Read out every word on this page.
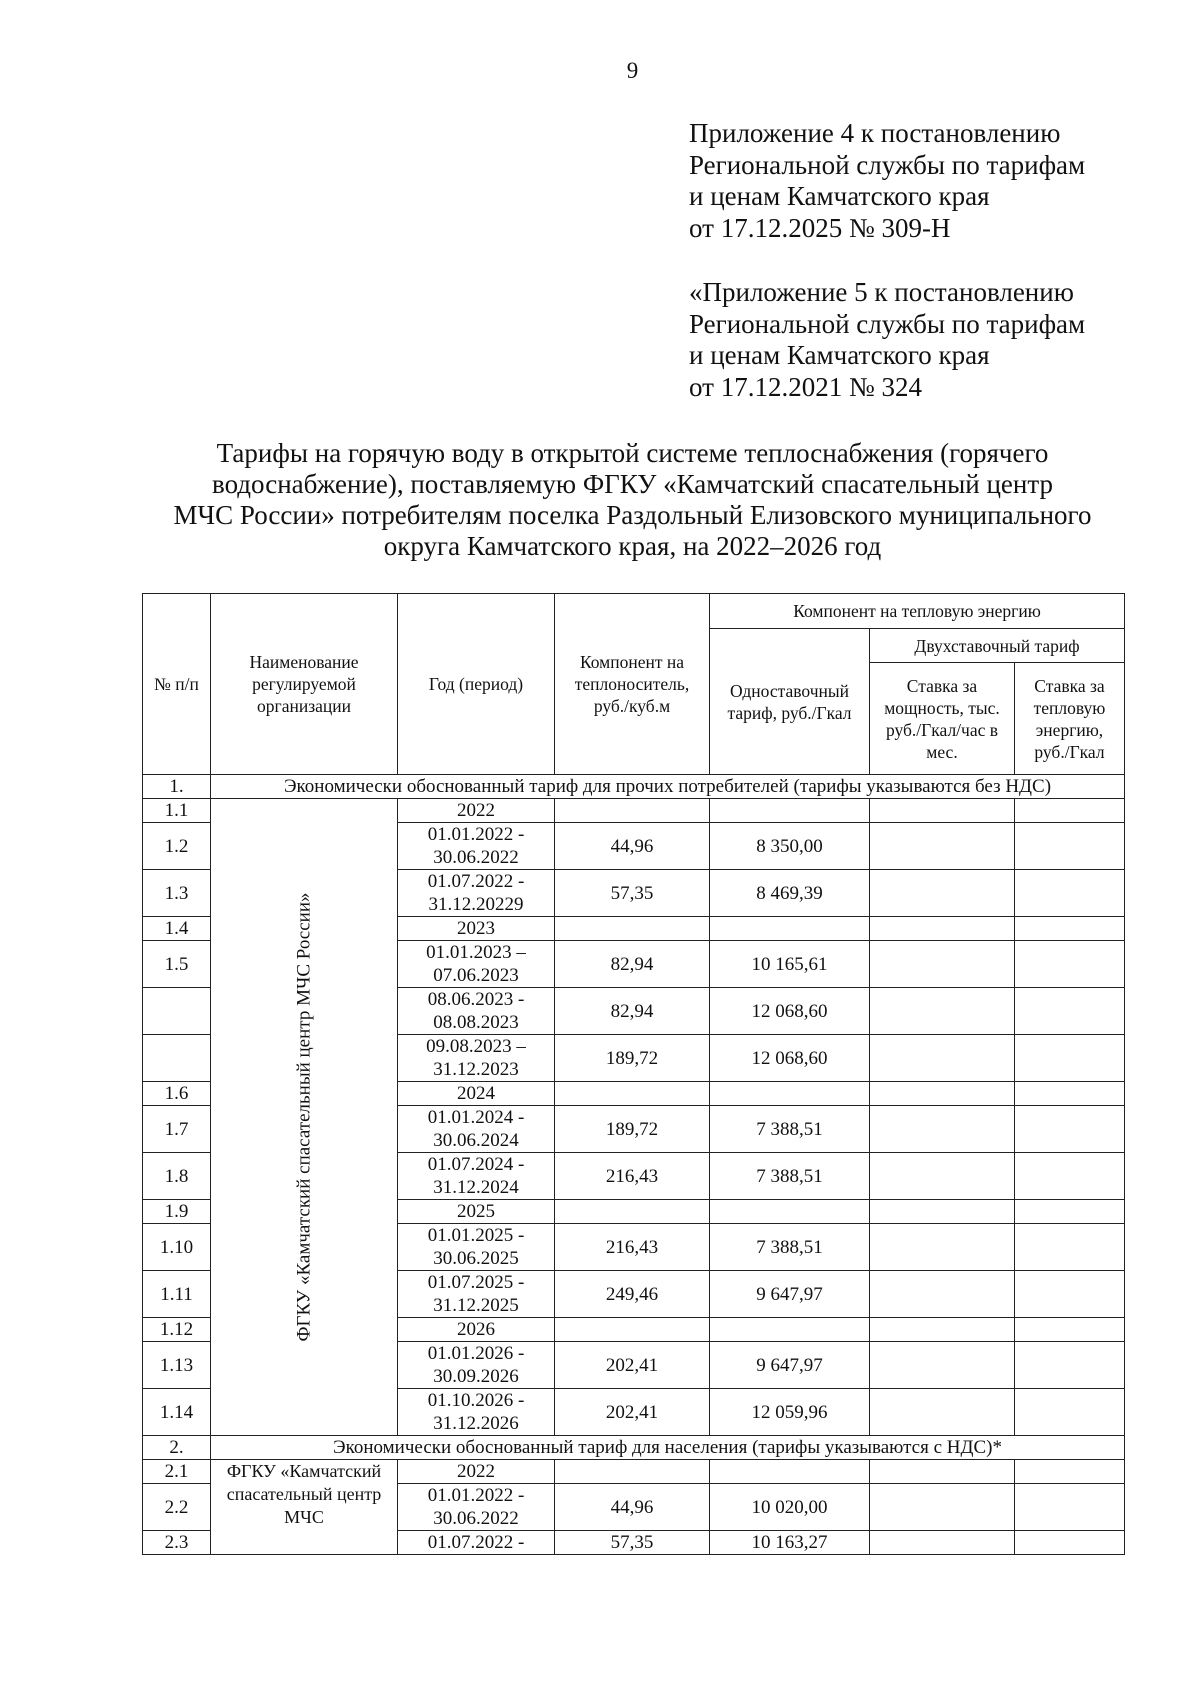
9
Приложение 4 к постановлению
Региональной службы по тарифам
и ценам Камчатского края
от 17.12.2025 № 309-Н
«Приложение 5 к постановлению
Региональной службы по тарифам
и ценам Камчатского края
от 17.12.2021 № 324
Тарифы на горячую воду в открытой системе теплоснабжения (горячего
водоснабжение), поставляемую ФГКУ «Камчатский спасательный центр
МЧС России» потребителям поселка Раздольный Елизовского муниципального
округа Камчатского края, на 2022–2026 год
№ п/п	Наименование регулируемой организации	Год (период)	Компонент на теплоноситель, руб./куб.м	Компонент на тепловую энергию		
				Одноставочный тариф, руб./Гкал	Двухставочный тариф	
					Ставка за мощность, тыс. руб./Гкал/час в мес.	Ставка за тепловую энергию, руб./Гкал
1.	Экономически обоснованный тариф для прочих потребителей (тарифы указываются без НДС)					
1.1	ФГКУ «Камчатский спасательный центр МЧС России»	2022				
1.2		01.01.2022 - 30.06.2022	44,96	8 350,00		
1.3		01.07.2022 - 31.12.20229	57,35	8 469,39		
1.4		2023				
1.5		01.01.2023 – 07.06.2023	82,94	10 165,61		
		08.06.2023 - 08.08.2023	82,94	12 068,60		
		09.08.2023 – 31.12.2023	189,72	12 068,60		
1.6		2024				
1.7		01.01.2024 - 30.06.2024	189,72	7 388,51		
1.8		01.07.2024 - 31.12.2024	216,43	7 388,51		
1.9		2025				
1.10		01.01.2025 - 30.06.2025	216,43	7 388,51		
1.11		01.07.2025 - 31.12.2025	249,46	9 647,97		
1.12		2026				
1.13		01.01.2026 - 30.09.2026	202,41	9 647,97		
1.14		01.10.2026 - 31.12.2026	202,41	12 059,96		
2.	Экономически обоснованный тариф для населения (тарифы указываются с НДС)*					
2.1	ФГКУ «Камчатский спасательный центр МЧС	2022				
2.2		01.01.2022 - 30.06.2022	44,96	10 020,00		
2.3		01.07.2022 -	57,35	10 163,27		
